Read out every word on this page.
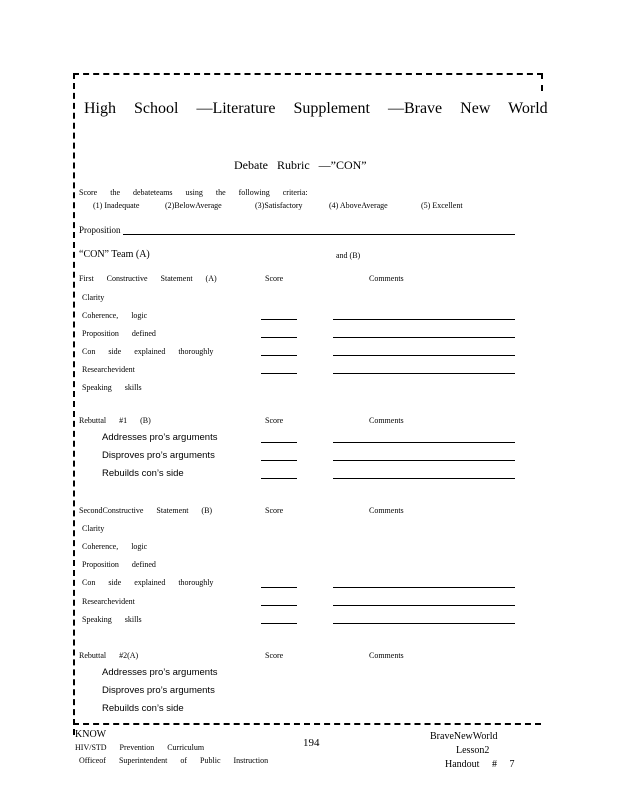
High School —Literature Supplement —Brave New World
Debate Rubric —”CON”
Score the debateteams using the following criteria:
(1) Inadequate	(2)BelowAverage	(3)Satisfactory	(4) AboveAverage	(5) Excellent
Proposition
“CON” Team (A)	and (B)
First Constructive Statement (A)	Score	Comments
Clarity
Coherence, logic
Proposition defined
Con side explained thoroughly
Researchevident
Speaking skills
Rebuttal #1 (B)	Score	Comments
Addresses pro’s arguments
Disproves pro’s arguments
Rebuilds con’s side
SecondConstructive Statement (B)	Score	Comments
Clarity
Coherence, logic
Proposition defined
Con side explained thoroughly
Researchevident
Speaking skills
Rebuttal #2(A)	Score	Comments
Addresses pro’s arguments
Disproves pro’s arguments
Rebuilds con’s side
KNOW
HIV/STD Prevention Curriculum
Officeof Superintendent of Public Instruction
194
BraveNewWorld
Lesson2
Handout # 7
